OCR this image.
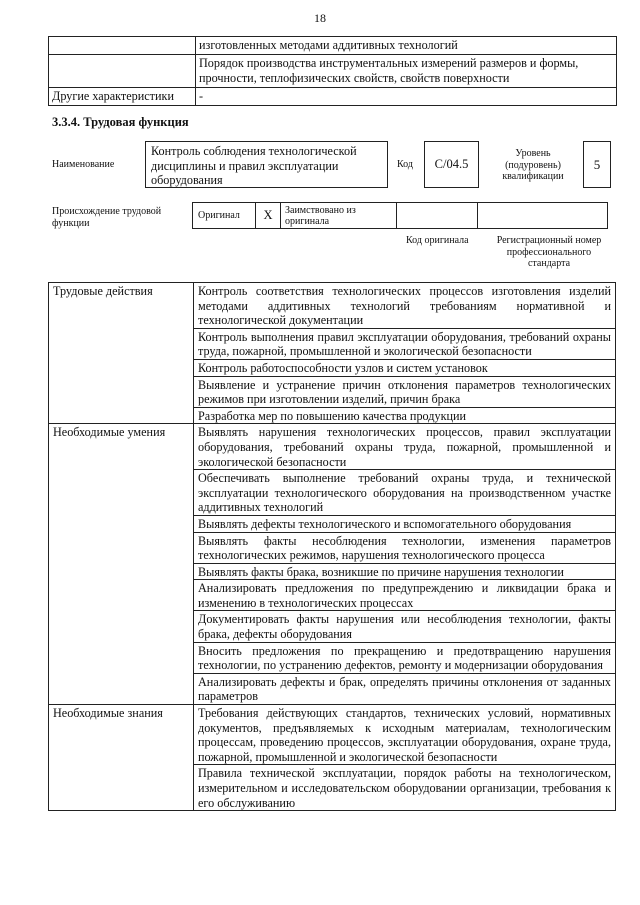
18
	изготовленных методами аддитивных технологий
	Порядок производства инструментальных измерений размеров и формы, прочности, теплофизических свойств, свойств поверхности
Другие характеристики	-
3.3.4. Трудовая функция
Наименование
Контроль соблюдения технологической дисциплины и правил эксплуатации оборудования
Код	С/04.5
Уровень (подуровень) квалификации
5
Происхождение трудовой функции
Оригинал	X	Заимствовано из оригинала
Код оригинала	Регистрационный номер профессионального стандарта
Трудовые действия	Контроль соответствия технологических процессов изготовления изделий методами аддитивных технологий требованиям нормативной и технологической документации
	Контроль выполнения правил эксплуатации оборудования, требований охраны труда, пожарной, промышленной и экологической безопасности
	Контроль работоспособности узлов и систем установок
	Выявление и устранение причин отклонения параметров технологических режимов при изготовлении изделий, причин брака
	Разработка мер по повышению качества продукции
Необходимые умения	Выявлять нарушения технологических процессов, правил эксплуатации оборудования, требований охраны труда, пожарной, промышленной и экологической безопасности
	Обеспечивать выполнение требований охраны труда, и технической эксплуатации технологического оборудования на производственном участке аддитивных технологий
	Выявлять дефекты технологического и вспомогательного оборудования
	Выявлять факты несоблюдения технологии, изменения параметров технологических режимов, нарушения технологического процесса
	Выявлять факты брака, возникшие по причине нарушения технологии
	Анализировать предложения по предупреждению и ликвидации брака и изменению в технологических процессах
	Документировать факты нарушения или несоблюдения технологии, факты брака, дефекты оборудования
	Вносить предложения по прекращению и предотвращению нарушения технологии, по устранению дефектов, ремонту и модернизации оборудования
	Анализировать дефекты и брак, определять причины отклонения от заданных параметров
Необходимые знания	Требования действующих стандартов, технических условий, нормативных документов, предъявляемых к исходным материалам, технологическим процессам, проведению процессов, эксплуатации оборудования, охране труда, пожарной, промышленной и экологической безопасности
	Правила технической эксплуатации, порядок работы на технологическом, измерительном и исследовательском оборудовании организации, требования к его обслуживанию
